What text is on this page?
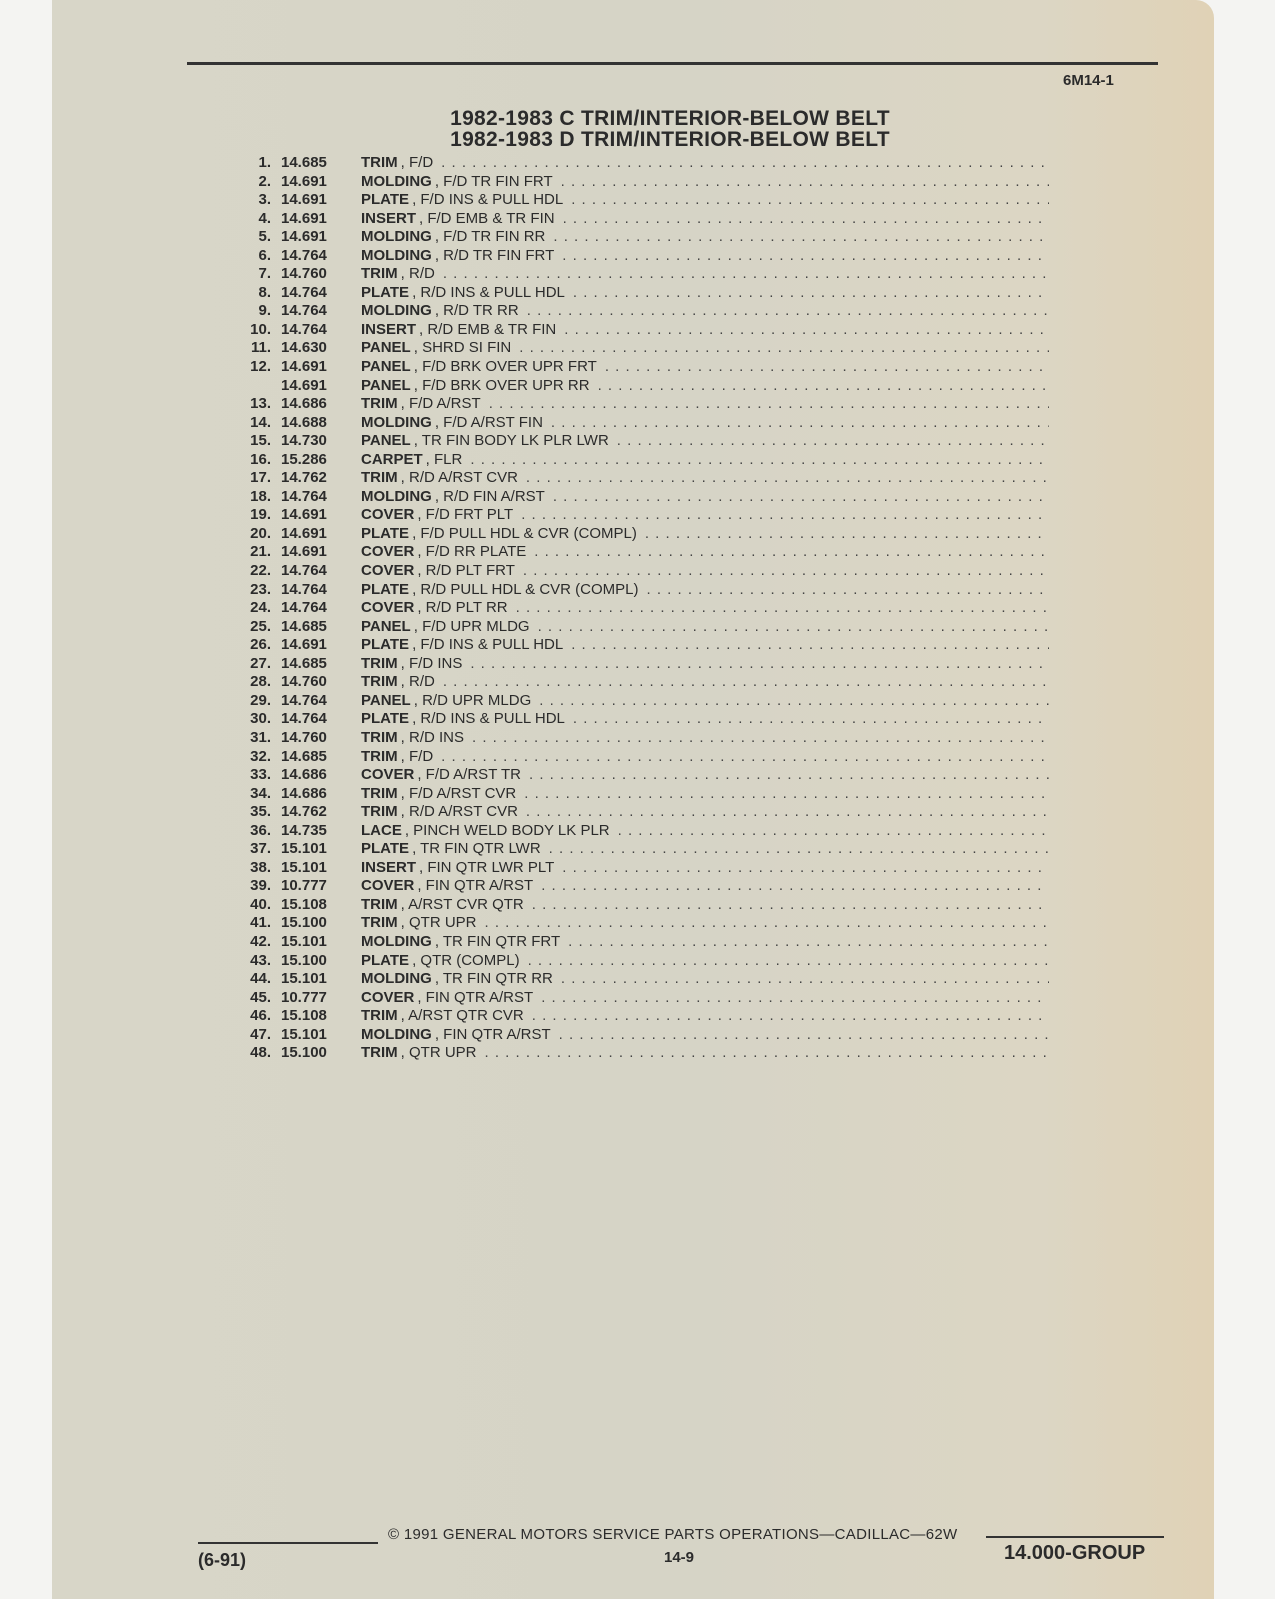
6M14-1
1982-1983 C TRIM/INTERIOR-BELOW BELT
1982-1983 D TRIM/INTERIOR-BELOW BELT
1. 14.685	TRIM , F/D
. . .
2. 14.691	MOLDING , F/D TR FIN FRT
. . .
3. 14.691	PLATE , F/D INS & PULL HDL
. . .
4. 14.691	INSERT , F/D EMB & TR FIN
. . .
5. 14.691	MOLDING , F/D TR FIN RR
. . .
6. 14.764	MOLDING , R/D TR FIN FRT
. . .
7. 14.760	TRIM , R/D
. . .
8. 14.764	PLATE , R/D INS & PULL HDL
. . .
9. 14.764	MOLDING , R/D TR RR
. . .
10. 14.764	INSERT , R/D EMB & TR FIN
. . .
11. 14.630	PANEL , SHRD SI FIN
. . .
12. 14.691	PANEL , F/D BRK OVER UPR FRT
. . .
14.691	PANEL , F/D BRK OVER UPR RR
. . .
13. 14.686	TRIM , F/D A/RST
. . .
14. 14.688	MOLDING , F/D A/RST FIN
. . .
15. 14.730	PANEL , TR FIN BODY LK PLR LWR
. . .
16. 15.286	CARPET , FLR
. . .
17. 14.762	TRIM , R/D A/RST CVR
. . .
18. 14.764	MOLDING , R/D FIN A/RST
. . .
19. 14.691	COVER , F/D FRT PLT
. . .
20. 14.691	PLATE , F/D PULL HDL & CVR (COMPL)
. . .
21. 14.691	COVER , F/D RR PLATE
. . .
22. 14.764	COVER , R/D PLT FRT
. . .
23. 14.764	PLATE , R/D PULL HDL & CVR (COMPL)
. . .
24. 14.764	COVER , R/D PLT RR
. . .
25. 14.685	PANEL , F/D UPR MLDG
. . .
26. 14.691	PLATE , F/D INS & PULL HDL
. . .
27. 14.685	TRIM , F/D INS
. . .
28. 14.760	TRIM , R/D
. . .
29. 14.764	PANEL , R/D UPR MLDG
. . .
30. 14.764	PLATE , R/D INS & PULL HDL
. . .
31. 14.760	TRIM , R/D INS
. . .
32. 14.685	TRIM , F/D
. . .
33. 14.686	COVER , F/D A/RST TR
. . .
34. 14.686	TRIM , F/D A/RST CVR
. . .
35. 14.762	TRIM , R/D A/RST CVR
. . .
36. 14.735	LACE , PINCH WELD BODY LK PLR
. . .
37. 15.101	PLATE , TR FIN QTR LWR
. . .
38. 15.101	INSERT , FIN QTR LWR PLT
. . .
39. 10.777	COVER , FIN QTR A/RST
. . .
40. 15.108	TRIM , A/RST CVR QTR
. . .
41. 15.100	TRIM , QTR UPR
. . .
42. 15.101	MOLDING , TR FIN QTR FRT
. . .
43. 15.100	PLATE , QTR (COMPL)
. . .
44. 15.101	MOLDING , TR FIN QTR RR
. . .
45. 10.777	COVER , FIN QTR A/RST
. . .
46. 15.108	TRIM , A/RST QTR CVR
. . .
47. 15.101	MOLDING , FIN QTR A/RST
. . .
48. 15.100	TRIM , QTR UPR
. . .
© 1991 GENERAL MOTORS SERVICE PARTS OPERATIONS—CADILLAC—62W
(6-91)	14-9	14.000-GROUP
